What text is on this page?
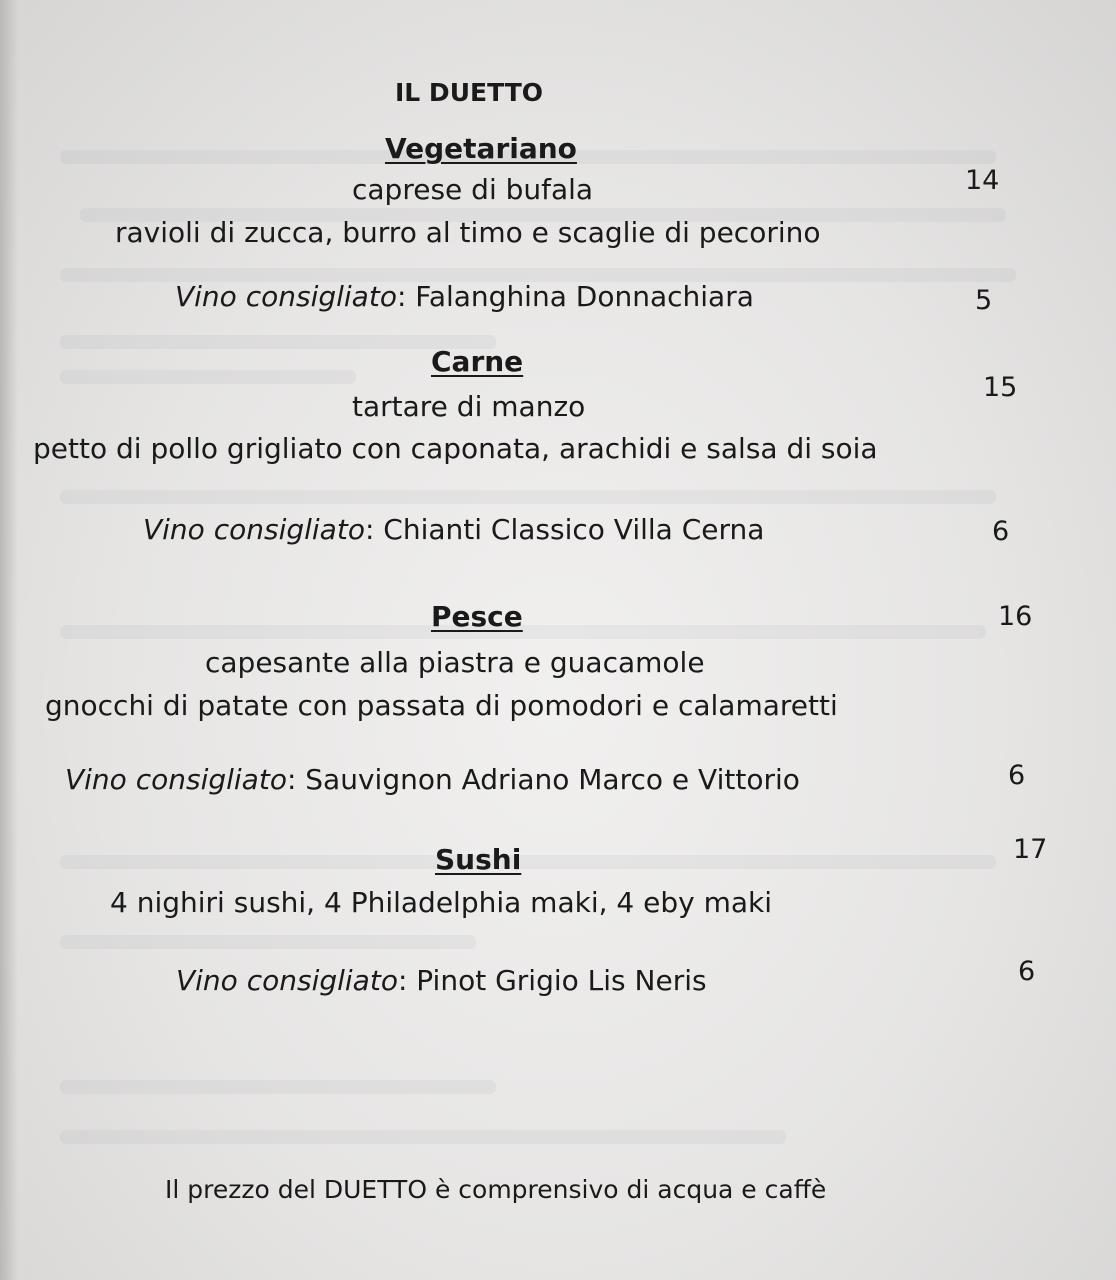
IL DUETTO
Vegetariano
caprese di bufala
ravioli di zucca, burro al timo e scaglie di pecorino
14
Vino consigliato: Falanghina Donnachiara	5
Carne
tartare di manzo
petto di pollo grigliato con caponata, arachidi e salsa di soia
15
Vino consigliato: Chianti Classico Villa Cerna	6
Pesce
capesante alla piastra e guacamole
gnocchi di patate con passata di pomodori e calamaretti
16
Vino consigliato: Sauvignon Adriano Marco e Vittorio	6
Sushi
4 nighiri sushi, 4 Philadelphia maki, 4 eby maki
17
Vino consigliato: Pinot Grigio Lis Neris	6
Il prezzo del DUETTO è comprensivo di acqua e caffè
